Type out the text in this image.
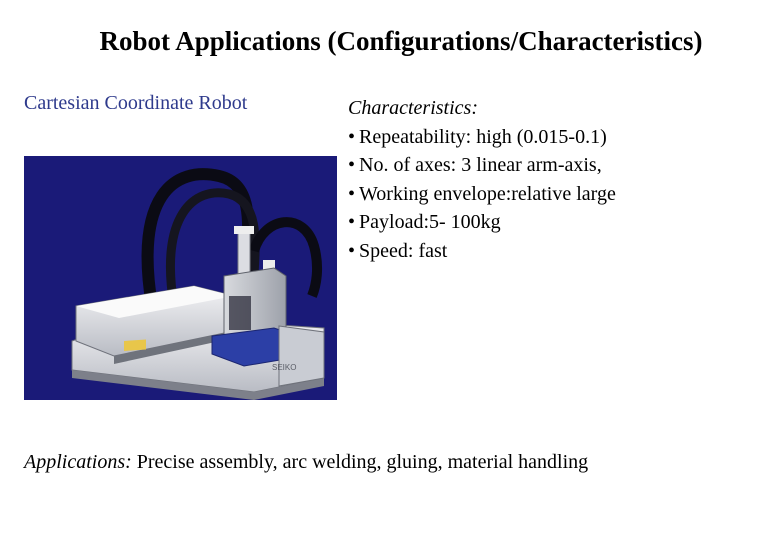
Robot Applications (Configurations/Characteristics)
Cartesian Coordinate Robot
SEIKO
Characteristics:
• Repeatability: high (0.015-0.1)
• No. of axes: 3 linear arm-axis,
• Working envelope:relative large
• Payload:5- 100kg
• Speed: fast
Applications: Precise assembly, arc welding, gluing, material handling
